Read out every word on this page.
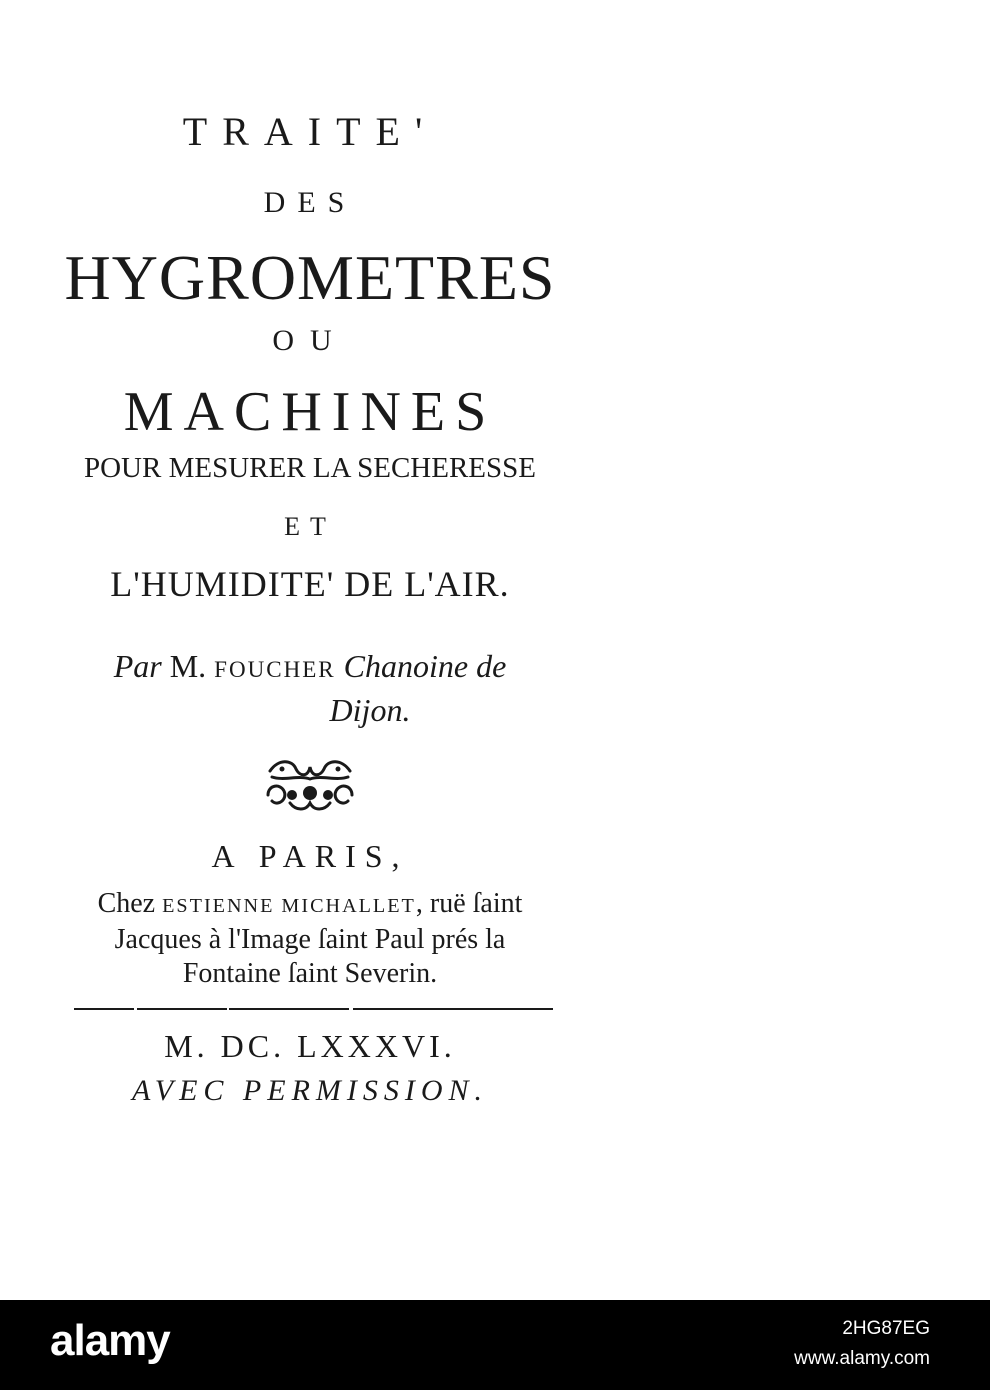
TRAITE'
DES
HYGROMETRES
OU
MACHINES
POUR MESURER LA SECHERESSE
ET
L'HUMIDITE' DE L'AIR.
Par M. FOUCHER Chanoine de
Dijon.
A PARIS,
Chez ESTIENNE MICHALLET, ruë ſaint
Jacques à l'Image ſaint Paul prés la
Fontaine ſaint Severin.
M. DC. LXXXVI.
AVEC PERMISSION.
alamy	2HG87EG
www.alamy.com
